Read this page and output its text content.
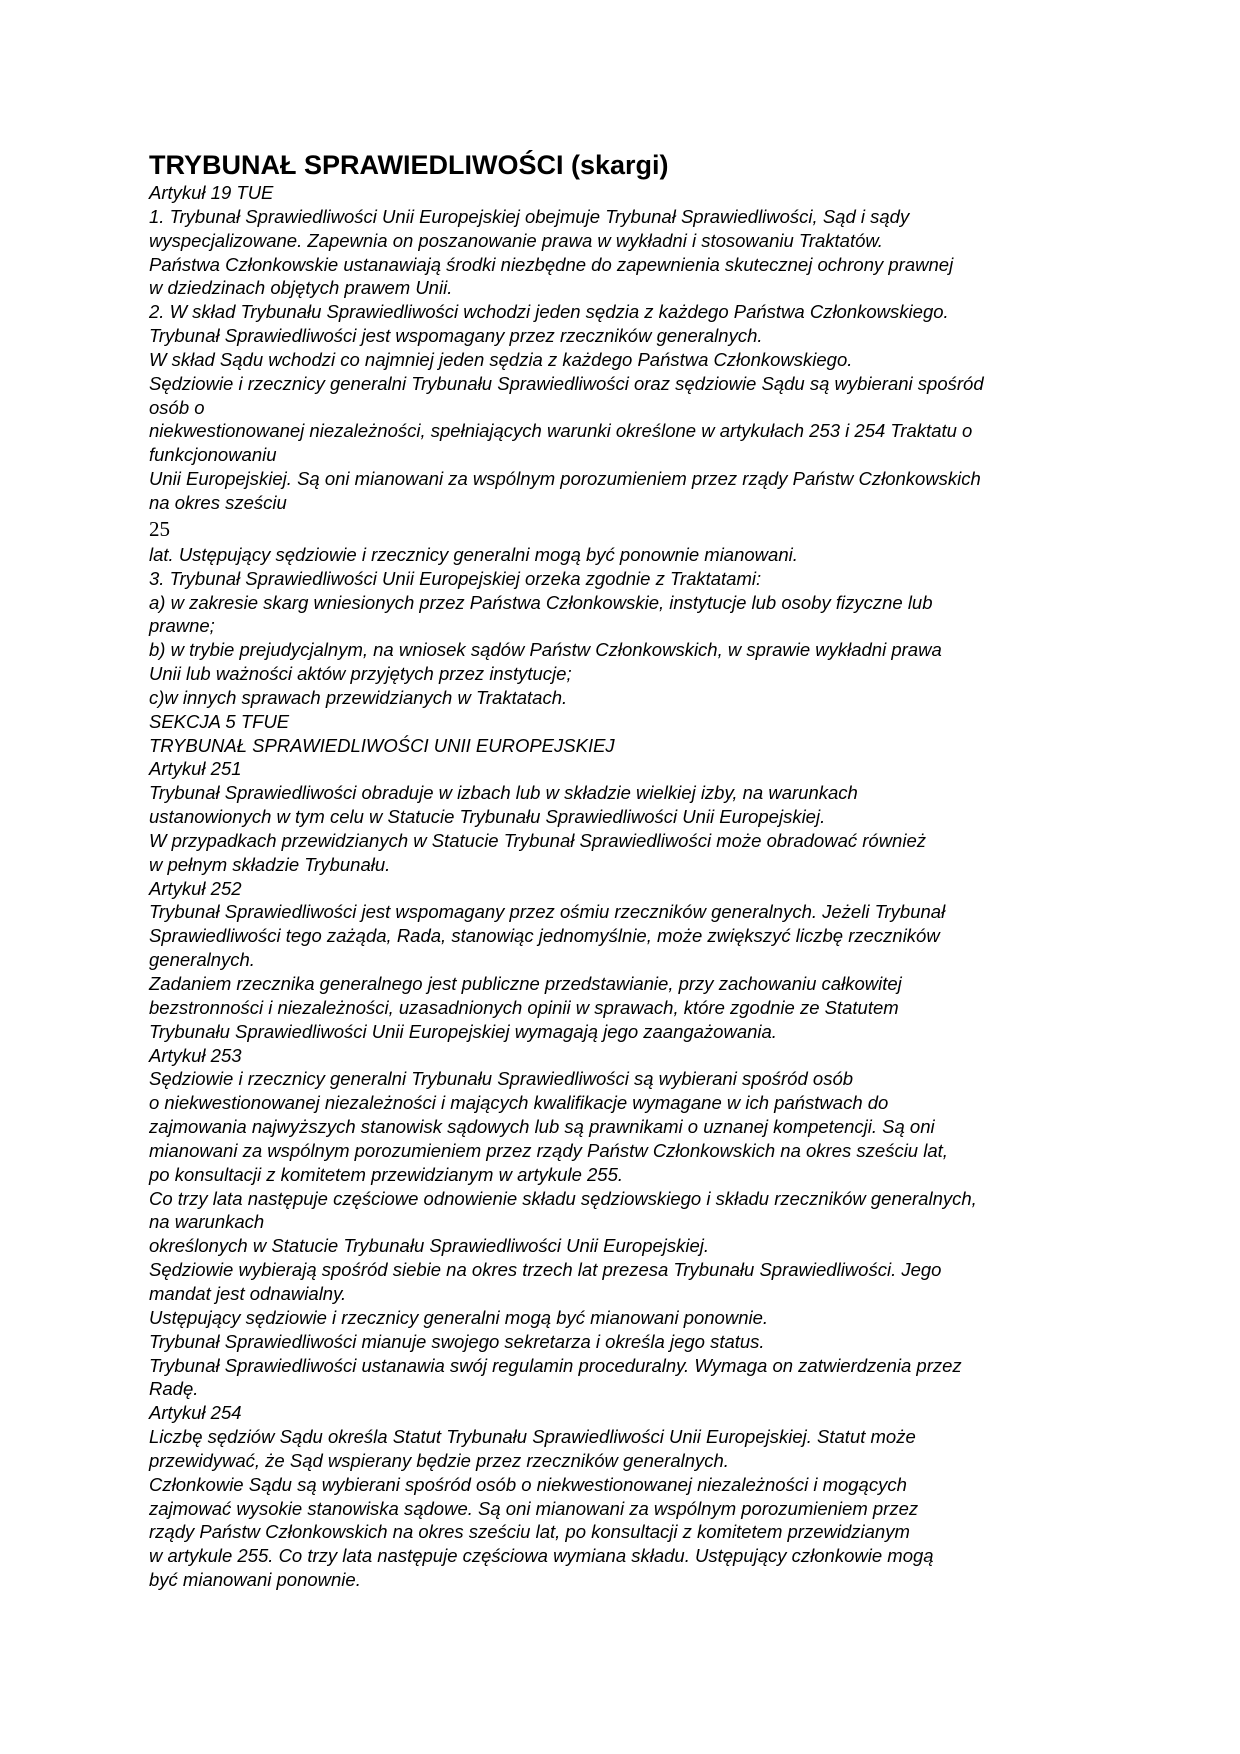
TRYBUNAŁ SPRAWIEDLIWOŚCI (skargi)
Artykuł 19 TUE
1. Trybunał Sprawiedliwości Unii Europejskiej obejmuje Trybunał Sprawiedliwości, Sąd i sądy
wyspecjalizowane. Zapewnia on poszanowanie prawa w wykładni i stosowaniu Traktatów.
Państwa Członkowskie ustanawiają środki niezbędne do zapewnienia skutecznej ochrony prawnej
w dziedzinach objętych prawem Unii.
2. W skład Trybunału Sprawiedliwości wchodzi jeden sędzia z każdego Państwa Członkowskiego.
Trybunał Sprawiedliwości jest wspomagany przez rzeczników generalnych.
W skład Sądu wchodzi co najmniej jeden sędzia z każdego Państwa Członkowskiego.
Sędziowie i rzecznicy generalni Trybunału Sprawiedliwości oraz sędziowie Sądu są wybierani spośród
osób o
niekwestionowanej niezależności, spełniających warunki określone w artykułach 253 i 254 Traktatu o
funkcjonowaniu
Unii Europejskiej. Są oni mianowani za wspólnym porozumieniem przez rządy Państw Członkowskich
na okres sześciu
25
lat. Ustępujący sędziowie i rzecznicy generalni mogą być ponownie mianowani.
3. Trybunał Sprawiedliwości Unii Europejskiej orzeka zgodnie z Traktatami:
a) w zakresie skarg wniesionych przez Państwa Członkowskie, instytucje lub osoby fizyczne lub
prawne;
b) w trybie prejudycjalnym, na wniosek sądów Państw Członkowskich, w sprawie wykładni prawa
Unii lub ważności aktów przyjętych przez instytucje;
c)w innych sprawach przewidzianych w Traktatach.
SEKCJA 5 TFUE
TRYBUNAŁ SPRAWIEDLIWOŚCI UNII EUROPEJSKIEJ
Artykuł 251
Trybunał Sprawiedliwości obraduje w izbach lub w składzie wielkiej izby, na warunkach
ustanowionych w tym celu w Statucie Trybunału Sprawiedliwości Unii Europejskiej.
W przypadkach przewidzianych w Statucie Trybunał Sprawiedliwości może obradować również
w pełnym składzie Trybunału.
Artykuł 252
Trybunał Sprawiedliwości jest wspomagany przez ośmiu rzeczników generalnych. Jeżeli Trybunał
Sprawiedliwości tego zażąda, Rada, stanowiąc jednomyślnie, może zwiększyć liczbę rzeczników
generalnych.
Zadaniem rzecznika generalnego jest publiczne przedstawianie, przy zachowaniu całkowitej
bezstronności i niezależności, uzasadnionych opinii w sprawach, które zgodnie ze Statutem
Trybunału Sprawiedliwości Unii Europejskiej wymagają jego zaangażowania.
Artykuł 253
Sędziowie i rzecznicy generalni Trybunału Sprawiedliwości są wybierani spośród osób
o niekwestionowanej niezależności i mających kwalifikacje wymagane w ich państwach do
zajmowania najwyższych stanowisk sądowych lub są prawnikami o uznanej kompetencji. Są oni
mianowani za wspólnym porozumieniem przez rządy Państw Członkowskich na okres sześciu lat,
po konsultacji z komitetem przewidzianym w artykule 255.
Co trzy lata następuje częściowe odnowienie składu sędziowskiego i składu rzeczników generalnych,
na warunkach
określonych w Statucie Trybunału Sprawiedliwości Unii Europejskiej.
Sędziowie wybierają spośród siebie na okres trzech lat prezesa Trybunału Sprawiedliwości. Jego
mandat jest odnawialny.
Ustępujący sędziowie i rzecznicy generalni mogą być mianowani ponownie.
Trybunał Sprawiedliwości mianuje swojego sekretarza i określa jego status.
Trybunał Sprawiedliwości ustanawia swój regulamin proceduralny. Wymaga on zatwierdzenia przez
Radę.
Artykuł 254
Liczbę sędziów Sądu określa Statut Trybunału Sprawiedliwości Unii Europejskiej. Statut może
przewidywać, że Sąd wspierany będzie przez rzeczników generalnych.
Członkowie Sądu są wybierani spośród osób o niekwestionowanej niezależności i mogących
zajmować wysokie stanowiska sądowe. Są oni mianowani za wspólnym porozumieniem przez
rządy Państw Członkowskich na okres sześciu lat, po konsultacji z komitetem przewidzianym
w artykule 255. Co trzy lata następuje częściowa wymiana składu. Ustępujący członkowie mogą
być mianowani ponownie.
